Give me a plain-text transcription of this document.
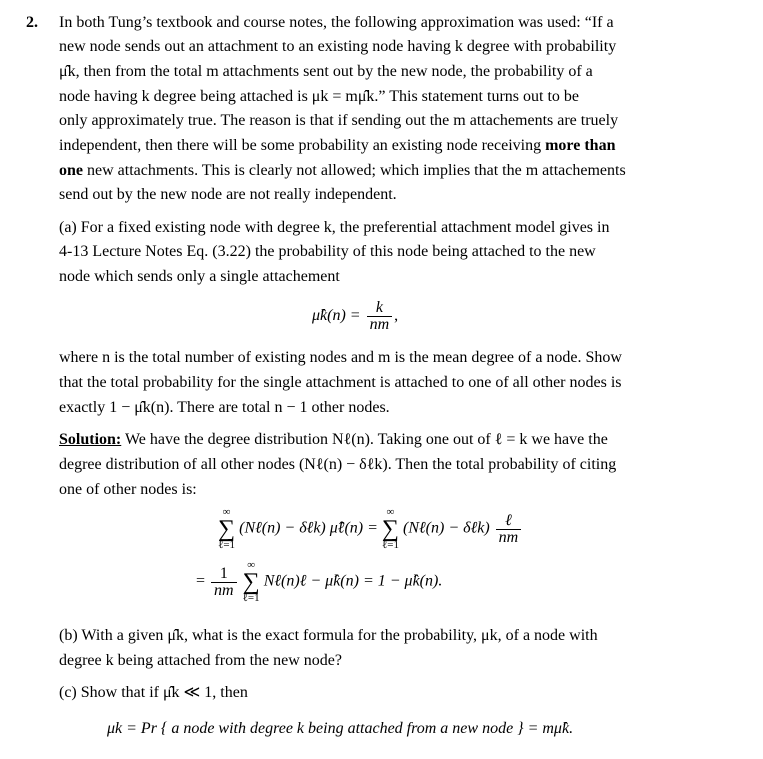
2. In both Tung’s textbook and course notes, the following approximation was used: “If a

new node sends out an attachment to an existing node having k degree with probability

μ̂k, then from the total m attachments sent out by the new node, the probability of a

node having k degree being attached is μk = mμ̂k.” This statement turns out to be

only approximately true. The reason is that if sending out the m attachements are truely

independent, then there will be some probability an existing node receiving more than

one new attachments. This is clearly not allowed; which implies that the m attachements

send out by the new node are not really independent.

(a) For a fixed existing node with degree k, the preferential attachment model gives in

4-13 Lecture Notes Eq. (3.22) the probability of this node being attached to the new

node which sends only a single attachement

μ̂k(n) = $\frac{k}{nm}$ ,

where n is the total number of existing nodes and m is the mean degree of a node. Show

that the total probability for the single attachment is attached to one of all other nodes is

exactly 1 − μ̂k(n). There are total n − 1 other nodes.

Solution: We have the degree distribution Nℓ(n). Taking one out of ℓ = k we have the

degree distribution of all other nodes (Nℓ(n) − δℓk). Then the total probability of citing

one of other nodes is:

∞
∑
ℓ=1 (Nℓ(n) − δℓk) μ̂ℓ(n) = ∞
∑
ℓ=1 (Nℓ(n) − δℓk) $\frac{\text{ℓ}}{nm}$
= $\frac{1}{nm}$
∞
∑
ℓ=1 Nℓ(n)ℓ − μ̂k(n) = 1 − μ̂k(n).

(b) With a given μ̂k, what is the exact formula for the probability, μk, of a node with

degree k being attached from the new node?

(c) Show that if μ̂k ≪ 1, then

μk = Pr { a node with degree k being attached from a new node } = mμ̂k.
